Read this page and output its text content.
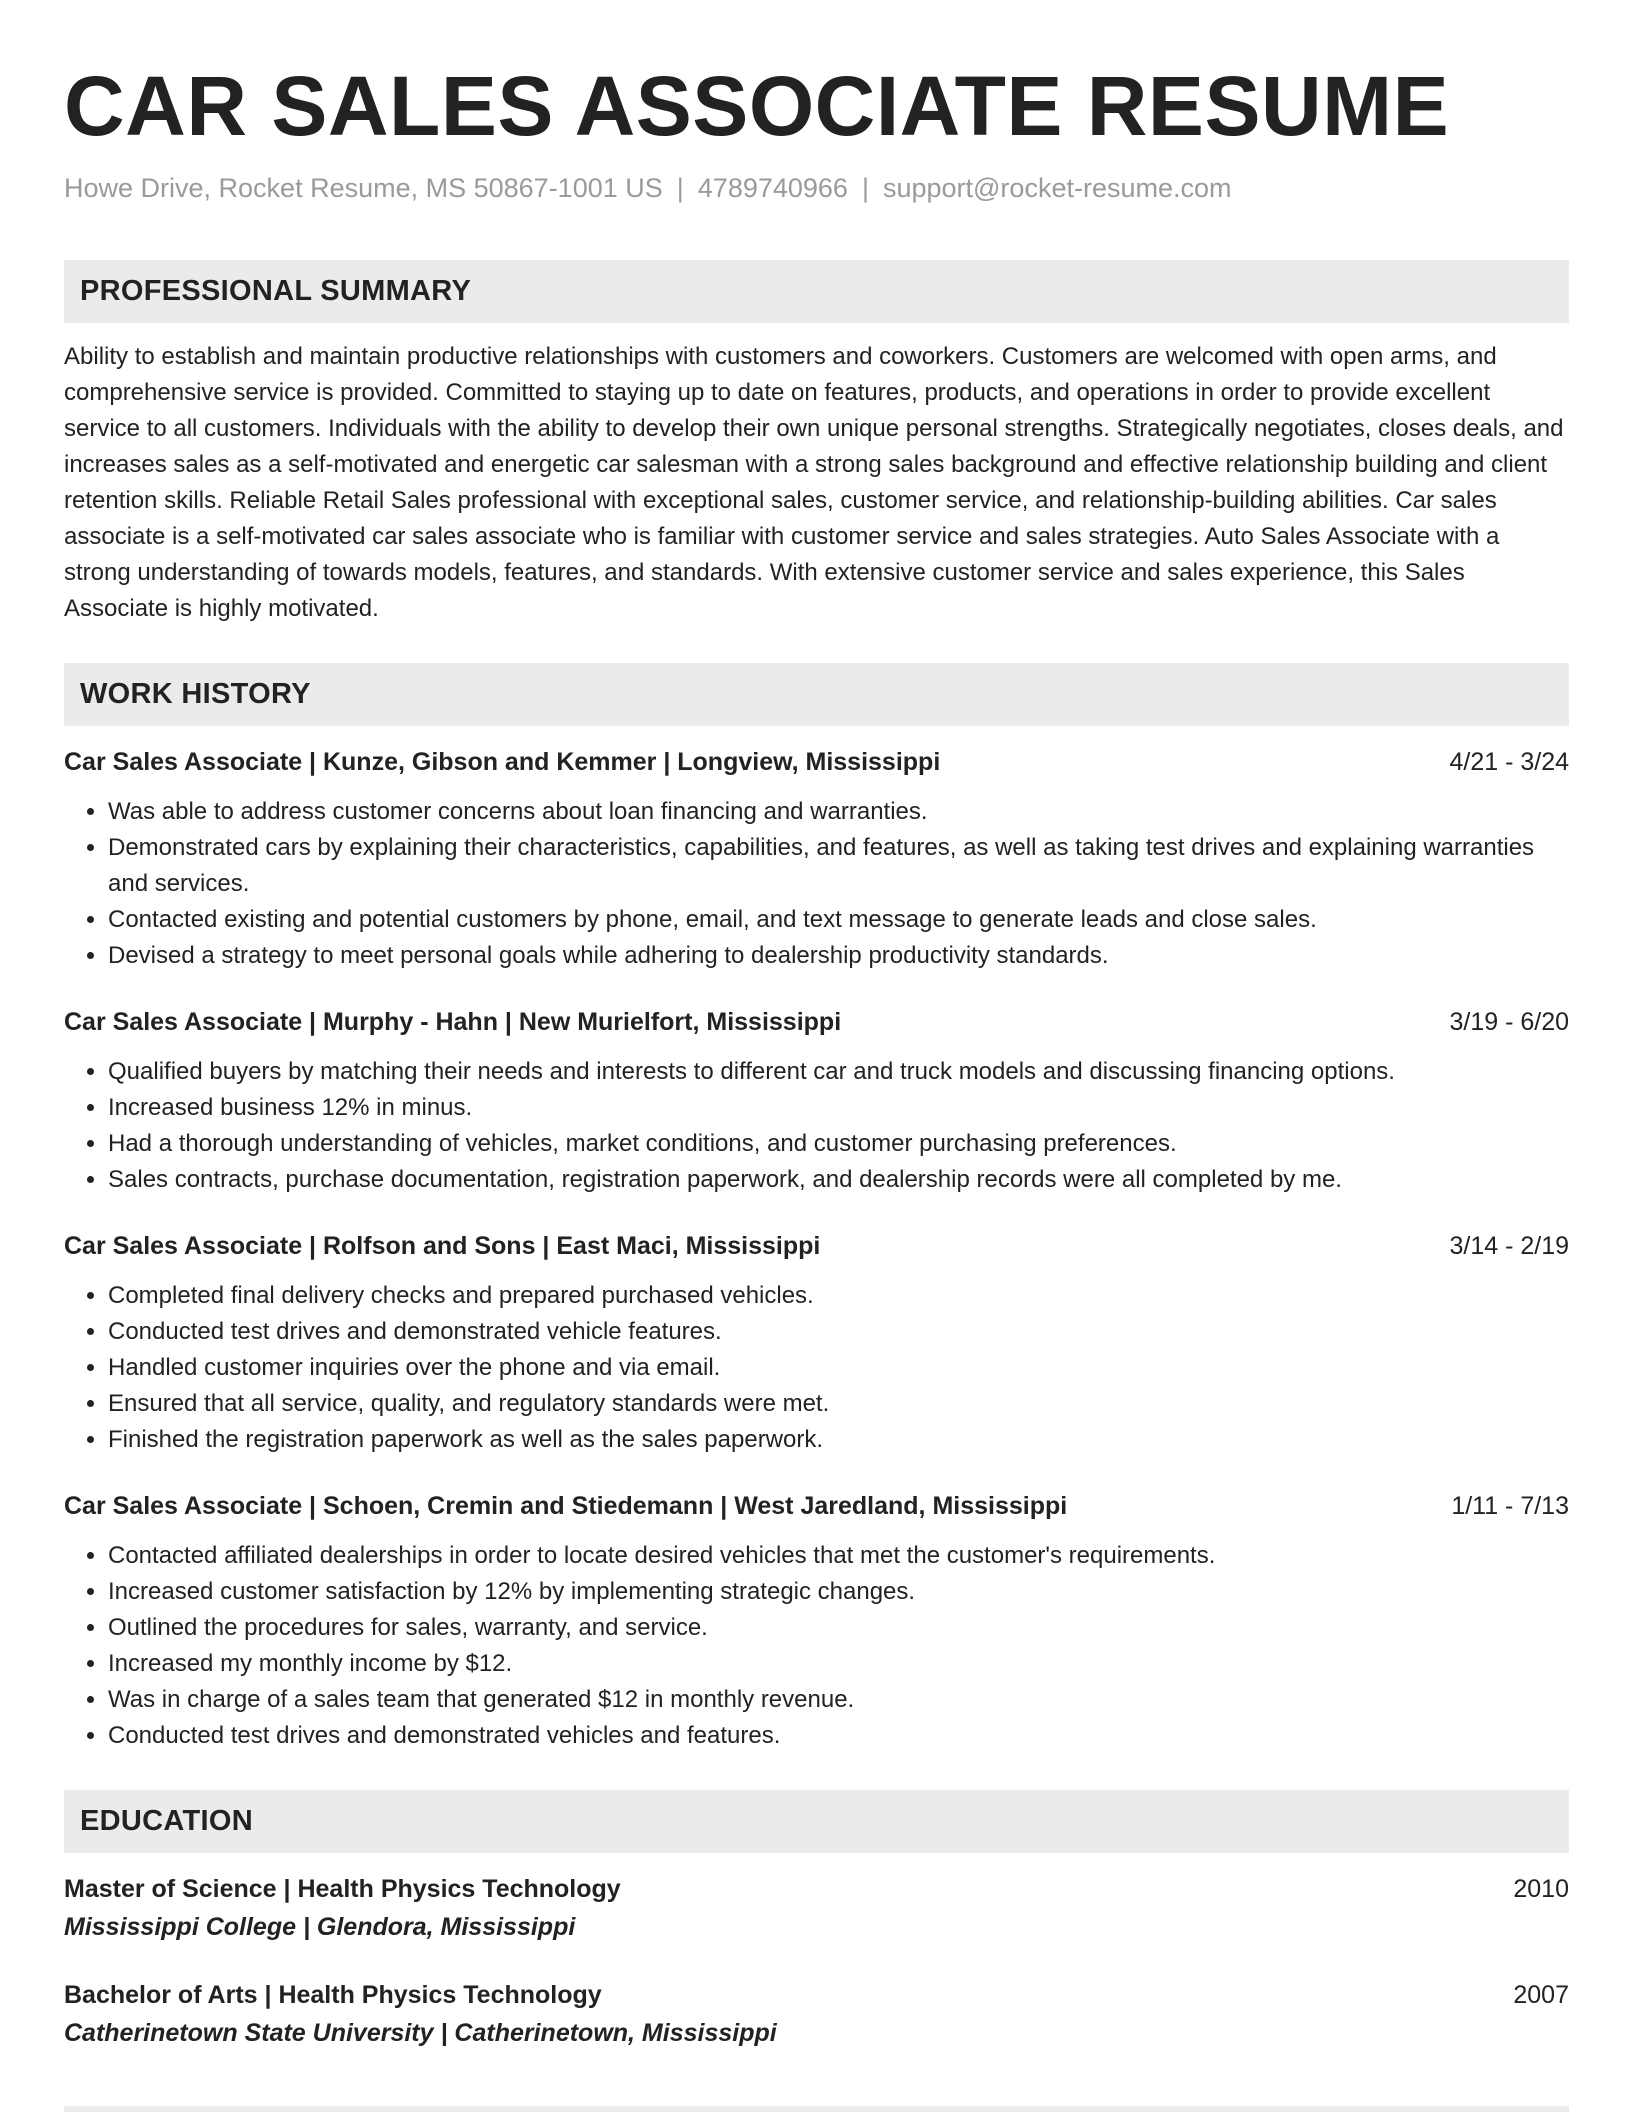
CAR SALES ASSOCIATE RESUME
Howe Drive, Rocket Resume, MS 50867-1001 US | 4789740966 | support@rocket-resume.com
PROFESSIONAL SUMMARY

Ability to establish and maintain productive relationships with customers and coworkers. Customers are welcomed with open arms, and comprehensive service is provided. Committed to staying up to date on features, products, and operations in order to provide excellent service to all customers. Individuals with the ability to develop their own unique personal strengths. Strategically negotiates, closes deals, and increases sales as a self-motivated and energetic car salesman with a strong sales background and effective relationship building and client retention skills. Reliable Retail Sales professional with exceptional sales, customer service, and relationship-building abilities. Car sales associate is a self-motivated car sales associate who is familiar with customer service and sales strategies. Auto Sales Associate with a strong understanding of towards models, features, and standards. With extensive customer service and sales experience, this Sales Associate is highly motivated.

WORK HISTORY
Car Sales Associate | Kunze, Gibson and Kemmer | Longview, Mississippi	4/21 - 3/24
• Was able to address customer concerns about loan financing and warranties.
• Demonstrated cars by explaining their characteristics, capabilities, and features, as well as taking test drives and explaining warranties and services.
• Contacted existing and potential customers by phone, email, and text message to generate leads and close sales.
• Devised a strategy to meet personal goals while adhering to dealership productivity standards.
Car Sales Associate | Murphy - Hahn | New Murielfort, Mississippi	3/19 - 6/20
• Qualified buyers by matching their needs and interests to different car and truck models and discussing financing options.
• Increased business 12% in minus.
• Had a thorough understanding of vehicles, market conditions, and customer purchasing preferences.
• Sales contracts, purchase documentation, registration paperwork, and dealership records were all completed by me.
Car Sales Associate | Rolfson and Sons | East Maci, Mississippi	3/14 - 2/19
• Completed final delivery checks and prepared purchased vehicles.
• Conducted test drives and demonstrated vehicle features.
• Handled customer inquiries over the phone and via email.
• Ensured that all service, quality, and regulatory standards were met.
• Finished the registration paperwork as well as the sales paperwork.
Car Sales Associate | Schoen, Cremin and Stiedemann | West Jaredland, Mississippi	1/11 - 7/13
• Contacted affiliated dealerships in order to locate desired vehicles that met the customer's requirements.
• Increased customer satisfaction by 12% by implementing strategic changes.
• Outlined the procedures for sales, warranty, and service.
• Increased my monthly income by $12.
• Was in charge of a sales team that generated $12 in monthly revenue.
• Conducted test drives and demonstrated vehicles and features.
EDUCATION
Master of Science | Health Physics Technology	2010
Mississippi College | Glendora, Mississippi
Bachelor of Arts | Health Physics Technology	2007
Catherinetown State University | Catherinetown, Mississippi
